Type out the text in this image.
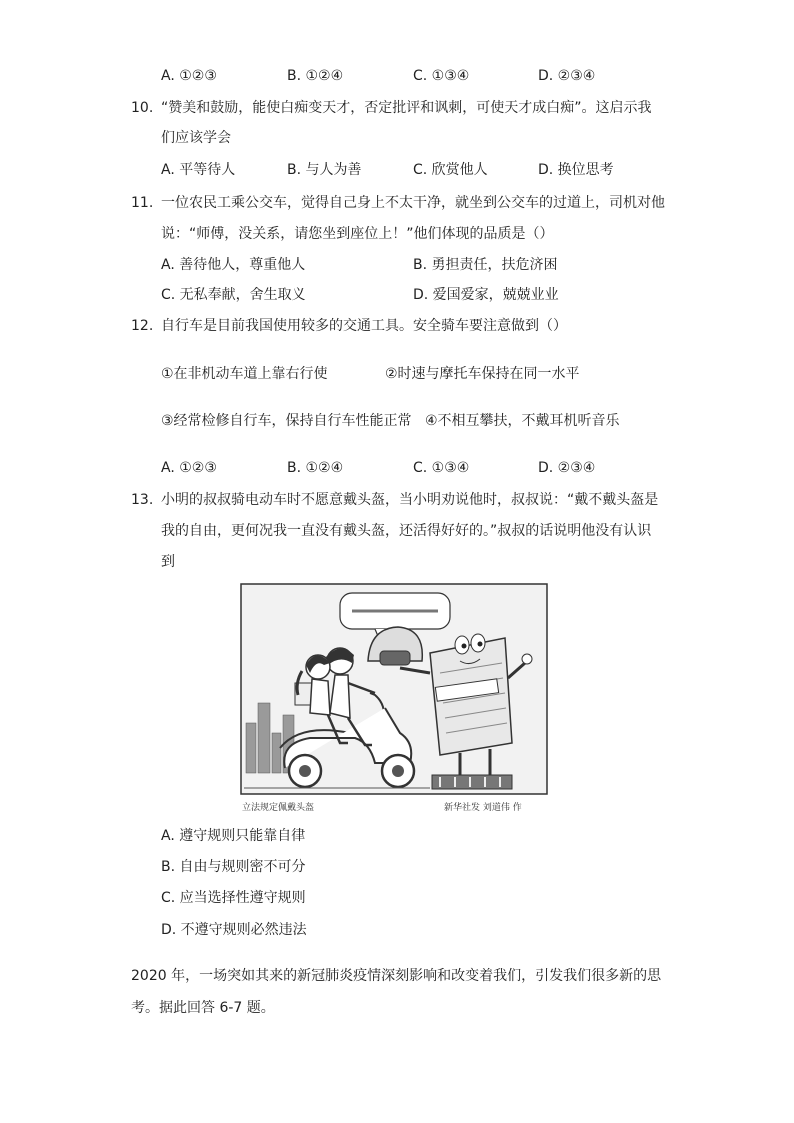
A. ①②③	B. ①②④	C. ①③④	D. ②③④
10. “赞美和鼓励，能使白痴变天才，否定批评和讽刺，可使天才成白痴”。这启示我
们应该学会
A. 平等待人	B. 与人为善	C. 欣赏他人	D. 换位思考
11. 一位农民工乘公交车，觉得自己身上不太干净，就坐到公交车的过道上，司机对他
说：“师傅，没关系，请您坐到座位上！”他们体现的品质是（）
A. 善待他人，尊重他人	B. 勇担责任，扶危济困
C. 无私奉献，舍生取义	D. 爱国爱家，兢兢业业
12. 自行车是目前我国使用较多的交通工具。安全骑车要注意做到（）
①在非机动车道上靠右行使	②时速与摩托车保持在同一水平
③经常检修自行车，保持自行车性能正常 ④不相互攀扶，不戴耳机听音乐
A. ①②③	B. ①②④	C. ①③④	D. ②③④
13. 小明的叔叔骑电动车时不愿意戴头盔，当小明劝说他时，叔叔说：“戴不戴头盔是
我的自由，更何况我一直没有戴头盔，还活得好好的。”叔叔的话说明他没有认识
到
立法规定佩戴头盔	新华社发 刘道伟 作
A. 遵守规则只能靠自律
B. 自由与规则密不可分
C. 应当选择性遵守规则
D. 不遵守规则必然违法
2020 年，一场突如其来的新冠肺炎疫情深刻影响和改变着我们，引发我们很多新的思
考。据此回答 6-7 题。
